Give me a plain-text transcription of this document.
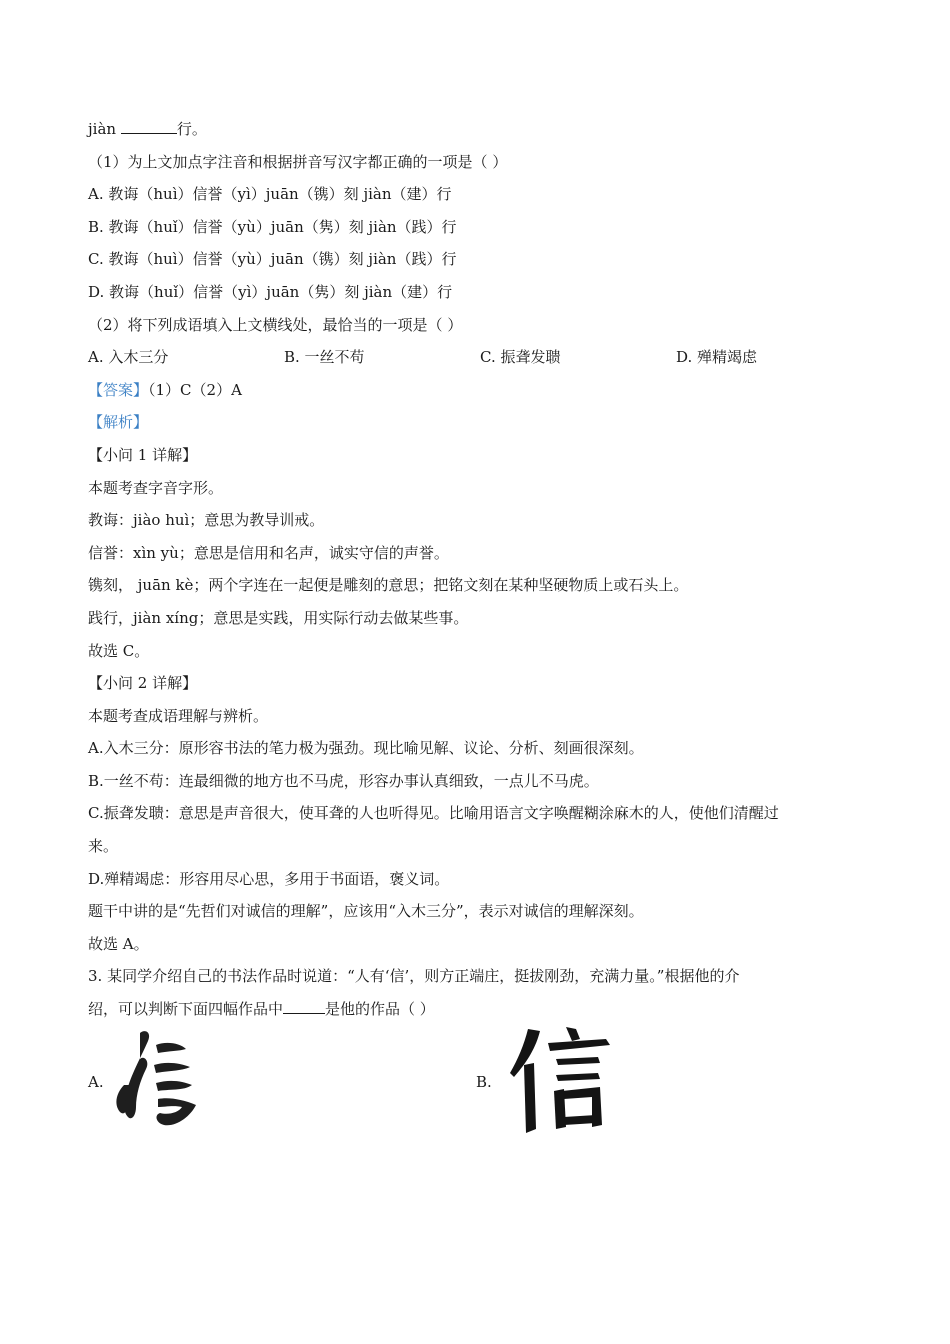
jiàn	行。
（1）为上文加点字注音和根据拼音写汉字都正确的一项是（ ）
A. 教诲（huì）信誉（yì）juān（镌）刻 jiàn（建）行
B. 教诲（huǐ）信誉（yù）juān（隽）刻 jiàn（践）行
C. 教诲（huì）信誉（yù）juān（镌）刻 jiàn（践）行
D. 教诲（huǐ）信誉（yì）juān（隽）刻 jiàn（建）行
（2）将下列成语填入上文横线处，最恰当的一项是（ ）
A. 入木三分	B. 一丝不苟	C. 振聋发聩	D. 殚精竭虑
【答案】（1）C（2）A
【解析】
【小问 1 详解】
本题考查字音字形。
教诲：jiào huì；意思为教导训戒。
信誉：xìn yù；意思是信用和名声，诚实守信的声誉。
镌刻， juān kè；两个字连在一起便是雕刻的意思；把铭文刻在某种坚硬物质上或石头上。
践行，jiàn xíng；意思是实践，用实际行动去做某些事。
故选 C。
【小问 2 详解】
本题考查成语理解与辨析。
A.入木三分：原形容书法的笔力极为强劲。现比喻见解、议论、分析、刻画很深刻。
B.一丝不苟：连最细微的地方也不马虎，形容办事认真细致，一点儿不马虎。
C.振聋发聩：意思是声音很大，使耳聋的人也听得见。比喻用语言文字唤醒糊涂麻木的人，使他们清醒过
来。
D.殚精竭虑：形容用尽心思，多用于书面语，褒义词。
题干中讲的是“先哲们对诚信的理解”，应该用“入木三分”，表示对诚信的理解深刻。
故选 A。
3. 某同学介绍自己的书法作品时说道：“人有‘信’，则方正端庄，挺拔刚劲，充满力量。”根据他的介
绍，可以判断下面四幅作品中	是他的作品（ ）
A.	B.
